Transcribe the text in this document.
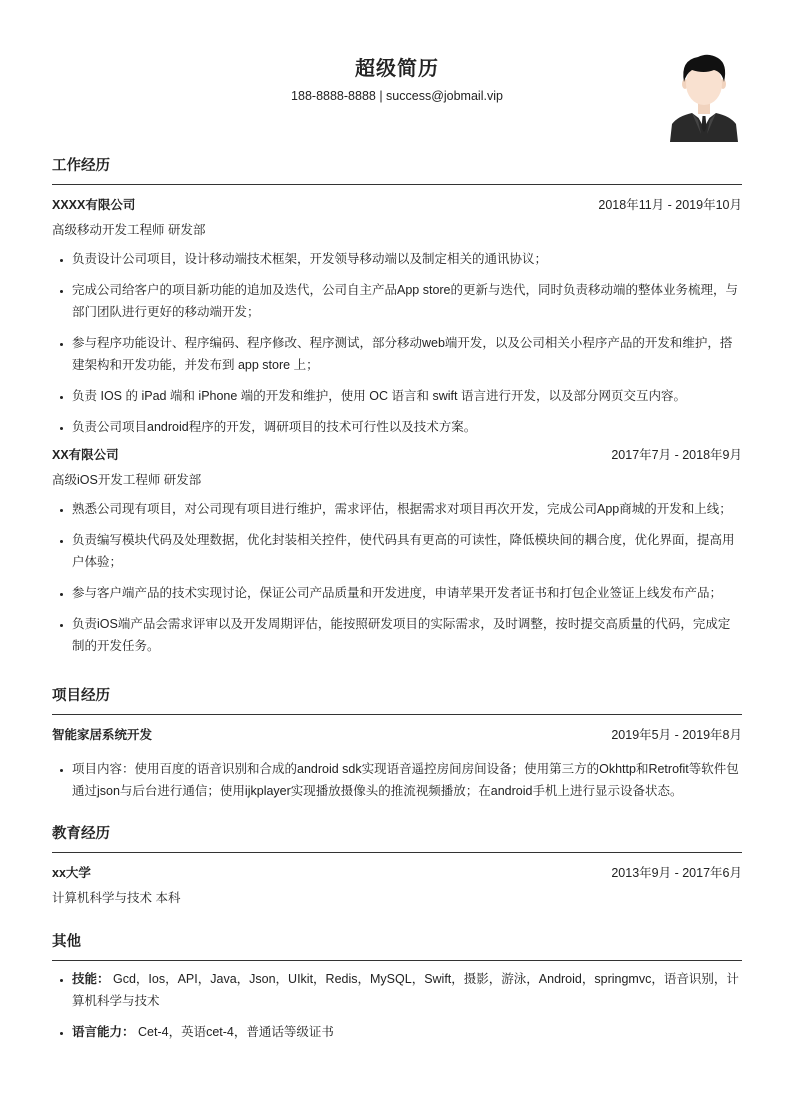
超级简历
188-8888-8888 | success@jobmail.vip
工作经历
XXXX有限公司	2018年11月 - 2019年10月
高级移动开发工程师 研发部
• 负责设计公司项目，设计移动端技术框架，开发领导移动端以及制定相关的通讯协议；
• 完成公司给客户的项目新功能的追加及迭代，公司自主产品App store的更新与迭代，同时负责移动端的整体业务梳理，与部门团队进行更好的移动端开发；
• 参与程序功能设计、程序编码、程序修改、程序测试，部分移动web端开发，以及公司相关小程序产品的开发和维护，搭建架构和开发功能，并发布到 app store 上；
• 负责 IOS 的 iPad 端和 iPhone 端的开发和维护，使用 OC 语言和 swift 语言进行开发，以及部分网页交互内容。
• 负责公司项目android程序的开发，调研项目的技术可行性以及技术方案。
XX有限公司	2017年7月 - 2018年9月
高级iOS开发工程师 研发部
• 熟悉公司现有项目，对公司现有项目进行维护，需求评估，根据需求对项目再次开发，完成公司App商城的开发和上线；
• 负责编写模块代码及处理数据，优化封装相关控件，使代码具有更高的可读性，降低模块间的耦合度，优化界面，提高用户体验；
• 参与客户端产品的技术实现讨论，保证公司产品质量和开发进度，申请苹果开发者证书和打包企业签证上线发布产品；
• 负责iOS端产品会需求评审以及开发周期评估，能按照研发项目的实际需求，及时调整，按时提交高质量的代码，完成定制的开发任务。
项目经历
智能家居系统开发	2019年5月 - 2019年8月
• 项目内容：使用百度的语音识别和合成的android sdk实现语音遥控房间房间设备；使用第三方的Okhttp和Retrofit等软件包通过json与后台进行通信；使用ijkplayer实现播放摄像头的推流视频播放；在android手机上进行显示设备状态。
教育经历
xx大学	2013年9月 - 2017年6月
计算机科学与技术 本科
其他
• 技能： Gcd，Ios，API，Java，Json，UIkit，Redis，MySQL，Swift，摄影，游泳，Android，springmvc，语音识别，计算机科学与技术
• 语言能力： Cet-4，英语cet-4，普通话等级证书
